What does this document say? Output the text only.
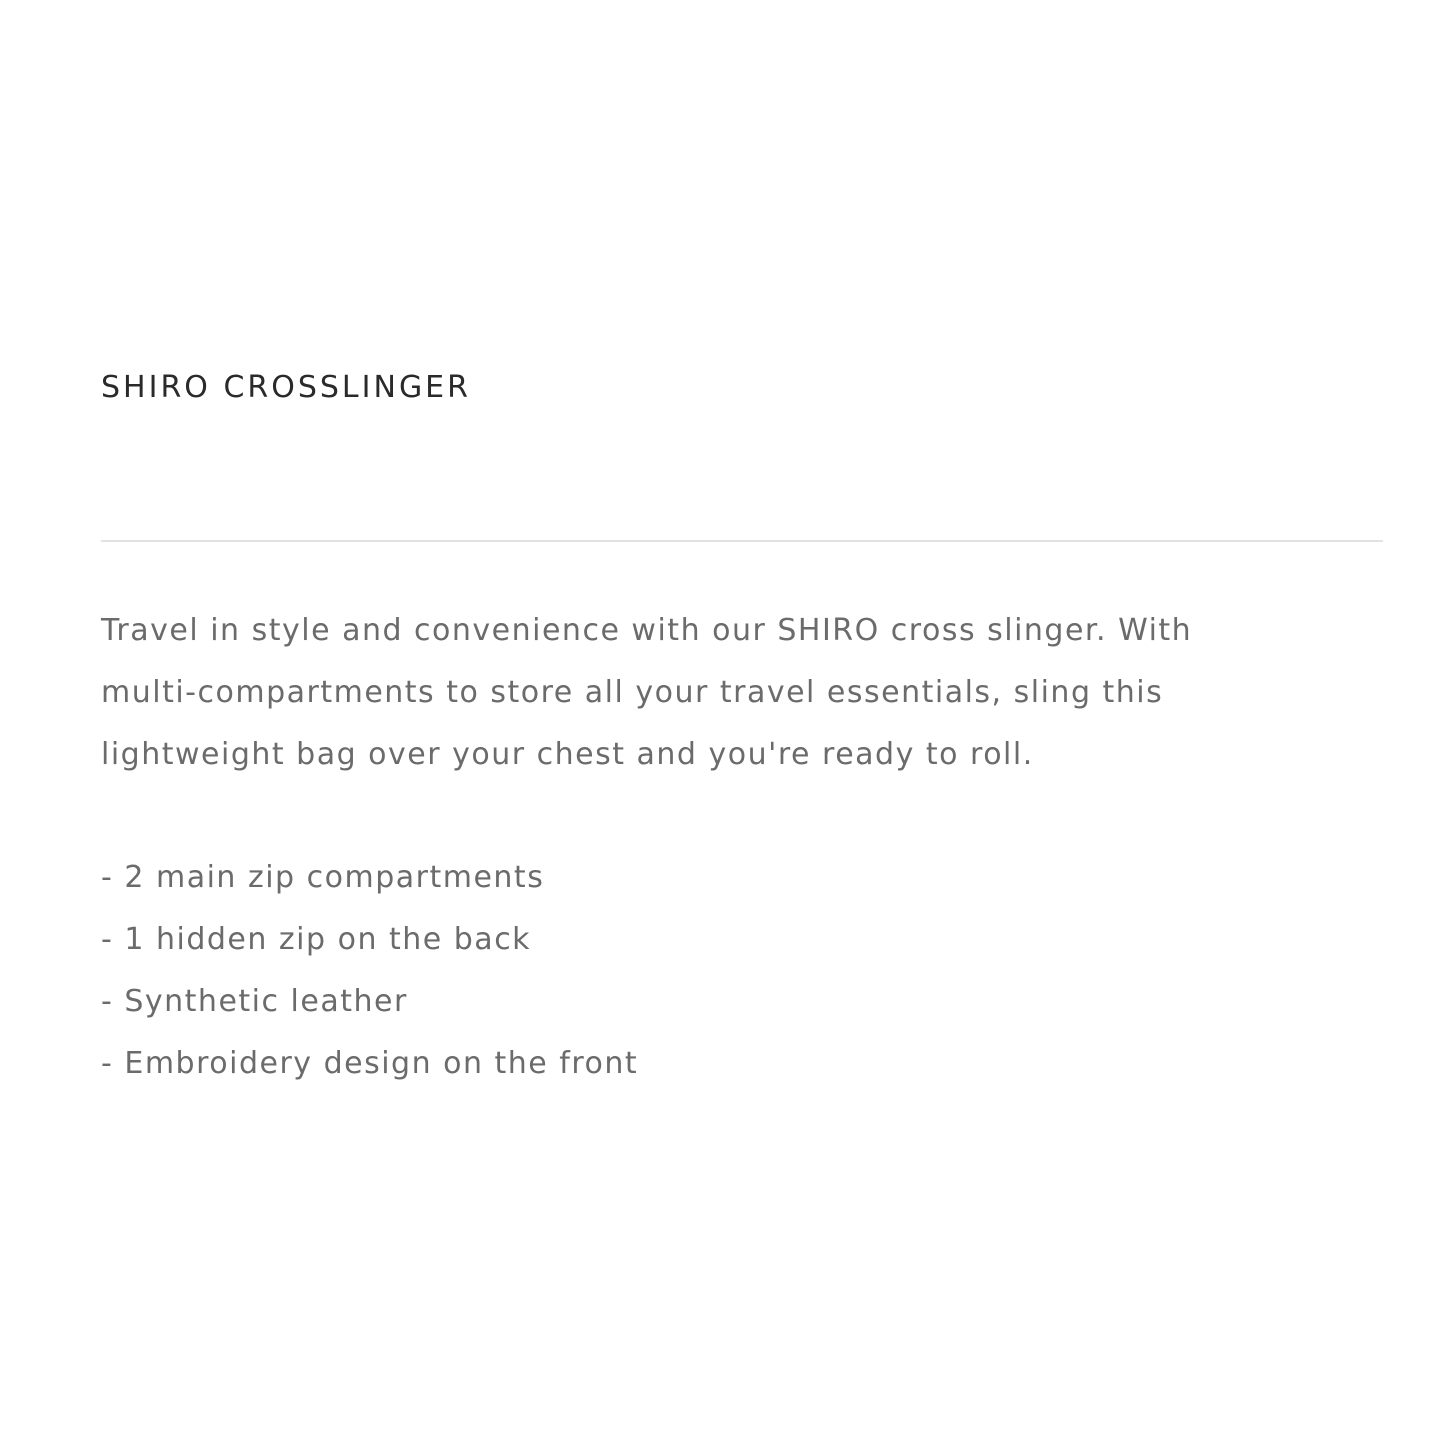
SHIRO CROSSLINGER

Travel in style and convenience with our SHIRO cross slinger. With
multi-compartments to store all your travel essentials, sling this
lightweight bag over your chest and you're ready to roll.

- 2 main zip compartments
- 1 hidden zip on the back
- Synthetic leather
- Embroidery design on the front
